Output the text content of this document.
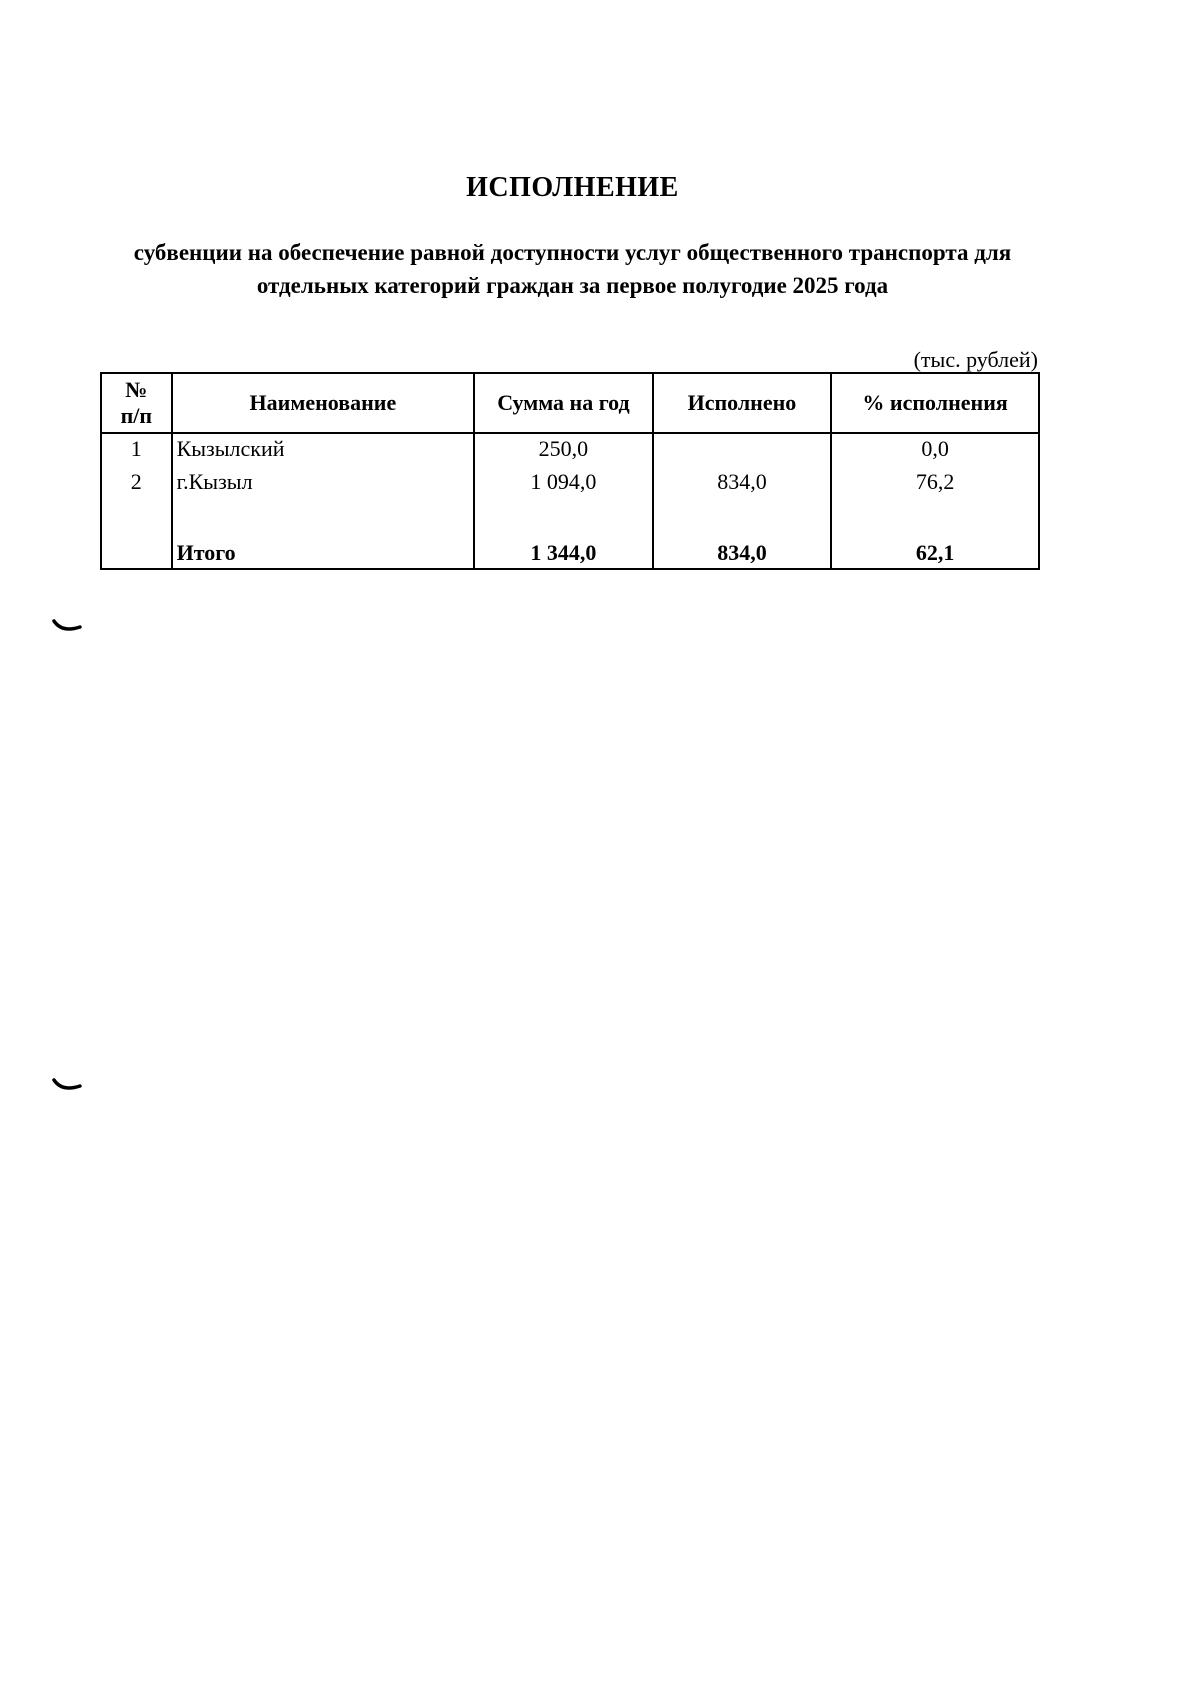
ИСПОЛНЕНИЕ
субвенции на обеспечение равной доступности услуг общественного транспорта для
отдельных категорий граждан за первое полугодие 2025 года
(тыс. рублей)
№
п/п	Наименование	Сумма на год	Исполнено	% исполнения
1	Кызылский	250,0		0,0
2	г.Кызыл	1 094,0	834,0	76,2

	Итого	1 344,0	834,0	62,1
